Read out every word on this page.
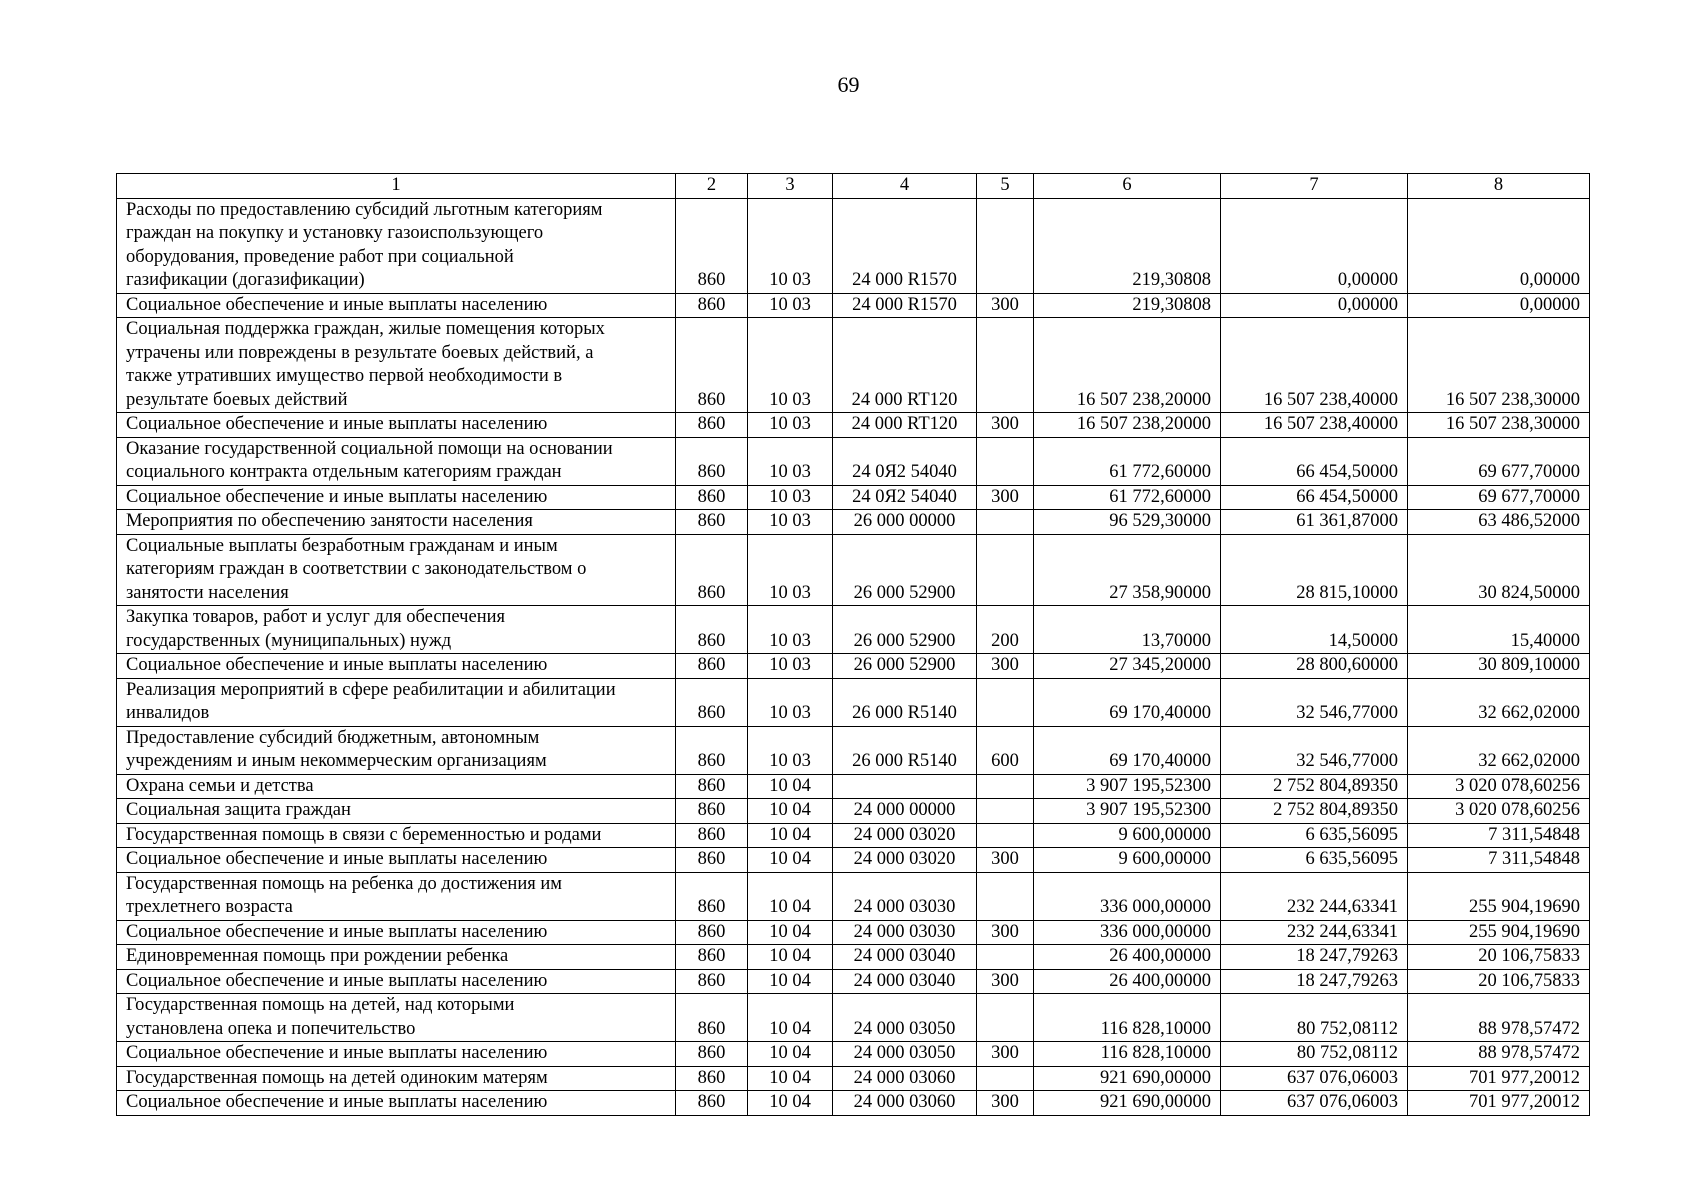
69
1	2	3	4	5	6	7	8
Расходы по предоставлению субсидий льготным категориям
граждан на покупку и установку газоиспользующего
оборудования, проведение работ при социальной
газификации (догазификации)	860	10 03	24 000 R1570		219,30808	0,00000	0,00000
Социальное обеспечение и иные выплаты населению	860	10 03	24 000 R1570	300	219,30808	0,00000	0,00000
Социальная поддержка граждан, жилые помещения которых
утрачены или повреждены в результате боевых действий, а
также утративших имущество первой необходимости в
результате боевых действий	860	10 03	24 000 RT120		16 507 238,20000	16 507 238,40000	16 507 238,30000
Социальное обеспечение и иные выплаты населению	860	10 03	24 000 RT120	300	16 507 238,20000	16 507 238,40000	16 507 238,30000
Оказание государственной социальной помощи на основании
социального контракта отдельным категориям граждан	860	10 03	24 0Я2 54040		61 772,60000	66 454,50000	69 677,70000
Социальное обеспечение и иные выплаты населению	860	10 03	24 0Я2 54040	300	61 772,60000	66 454,50000	69 677,70000
Мероприятия по обеспечению занятости населения	860	10 03	26 000 00000		96 529,30000	61 361,87000	63 486,52000
Социальные выплаты безработным гражданам и иным
категориям граждан в соответствии с законодательством о
занятости населения	860	10 03	26 000 52900		27 358,90000	28 815,10000	30 824,50000
Закупка товаров, работ и услуг для обеспечения
государственных (муниципальных) нужд	860	10 03	26 000 52900	200	13,70000	14,50000	15,40000
Социальное обеспечение и иные выплаты населению	860	10 03	26 000 52900	300	27 345,20000	28 800,60000	30 809,10000
Реализация мероприятий в сфере реабилитации и абилитации
инвалидов	860	10 03	26 000 R5140		69 170,40000	32 546,77000	32 662,02000
Предоставление субсидий бюджетным, автономным
учреждениям и иным некоммерческим организациям	860	10 03	26 000 R5140	600	69 170,40000	32 546,77000	32 662,02000
Охрана семьи и детства	860	10 04			3 907 195,52300	2 752 804,89350	3 020 078,60256
Социальная защита граждан	860	10 04	24 000 00000		3 907 195,52300	2 752 804,89350	3 020 078,60256
Государственная помощь в связи с беременностью и родами	860	10 04	24 000 03020		9 600,00000	6 635,56095	7 311,54848
Социальное обеспечение и иные выплаты населению	860	10 04	24 000 03020	300	9 600,00000	6 635,56095	7 311,54848
Государственная помощь на ребенка до достижения им
трехлетнего возраста	860	10 04	24 000 03030		336 000,00000	232 244,63341	255 904,19690
Социальное обеспечение и иные выплаты населению	860	10 04	24 000 03030	300	336 000,00000	232 244,63341	255 904,19690
Единовременная помощь при рождении ребенка	860	10 04	24 000 03040		26 400,00000	18 247,79263	20 106,75833
Социальное обеспечение и иные выплаты населению	860	10 04	24 000 03040	300	26 400,00000	18 247,79263	20 106,75833
Государственная помощь на детей, над которыми
установлена опека и попечительство	860	10 04	24 000 03050		116 828,10000	80 752,08112	88 978,57472
Социальное обеспечение и иные выплаты населению	860	10 04	24 000 03050	300	116 828,10000	80 752,08112	88 978,57472
Государственная помощь на детей одиноким матерям	860	10 04	24 000 03060		921 690,00000	637 076,06003	701 977,20012
Социальное обеспечение и иные выплаты населению	860	10 04	24 000 03060	300	921 690,00000	637 076,06003	701 977,20012
